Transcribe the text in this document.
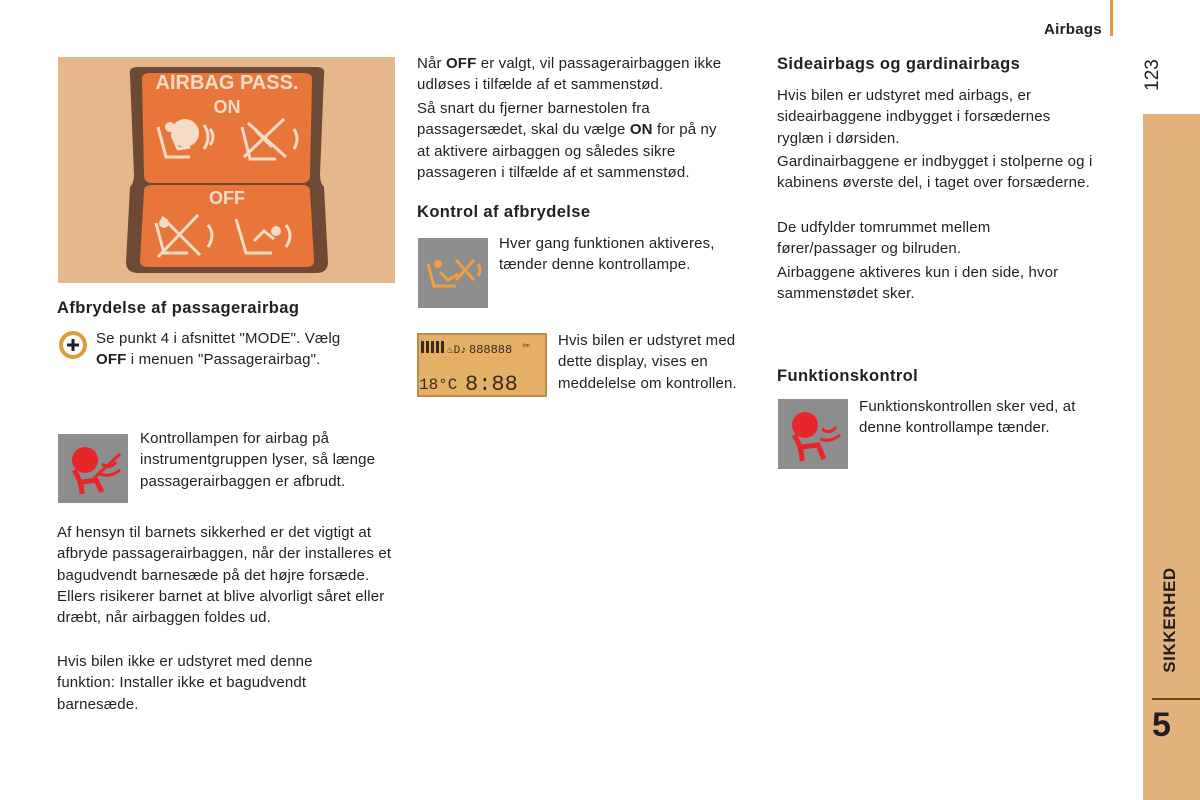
Airbags
123
SIKKERHED
5
AIRBAG PASS.
ON
OFF
Afbrydelse af passagerairbag

Se punkt 4 i afsnittet "MODE". Vælg
OFF i menuen "Passagerairbag".

Kontrollampen for airbag på instrumentgruppen lyser, så længe passagerairbaggen er afbrudt.

Af hensyn til barnets sikkerhed er det vigtigt at afbryde passagerairbaggen, når der installeres et bagudvendt barnesæde på det højre forsæde. Ellers risikerer barnet at blive alvorligt såret eller dræbt, når airbaggen foldes ud.

Hvis bilen ikke er udstyret med denne funktion: Installer ikke et bagudvendt barnesæde.

Når OFF er valgt, vil passagerairbaggen ikke udløses i tilfælde af et sammenstød.

Så snart du fjerner barnestolen fra passagersædet, skal du vælge ON for på ny at aktivere airbaggen og således sikre passageren i tilfælde af et sammenstød.

Kontrol af afbrydelse

Hver gang funktionen aktiveres, tænder denne kontrollampe.

♨D♪ 888888 km
18°C 8:88

Hvis bilen er udstyret med dette display, vises en meddelelse om kontrollen.

Sideairbags og gardinairbags

Hvis bilen er udstyret med airbags, er sideairbaggene indbygget i forsædernes ryglæn i dørsiden.

Gardinairbaggene er indbygget i stolperne og i kabinens øverste del, i taget over forsæderne.

De udfylder tomrummet mellem fører/passager og bilruden.

Airbaggene aktiveres kun i den side, hvor sammenstødet sker.

Funktionskontrol

Funktionskontrollen sker ved, at denne kontrollampe tænder.
